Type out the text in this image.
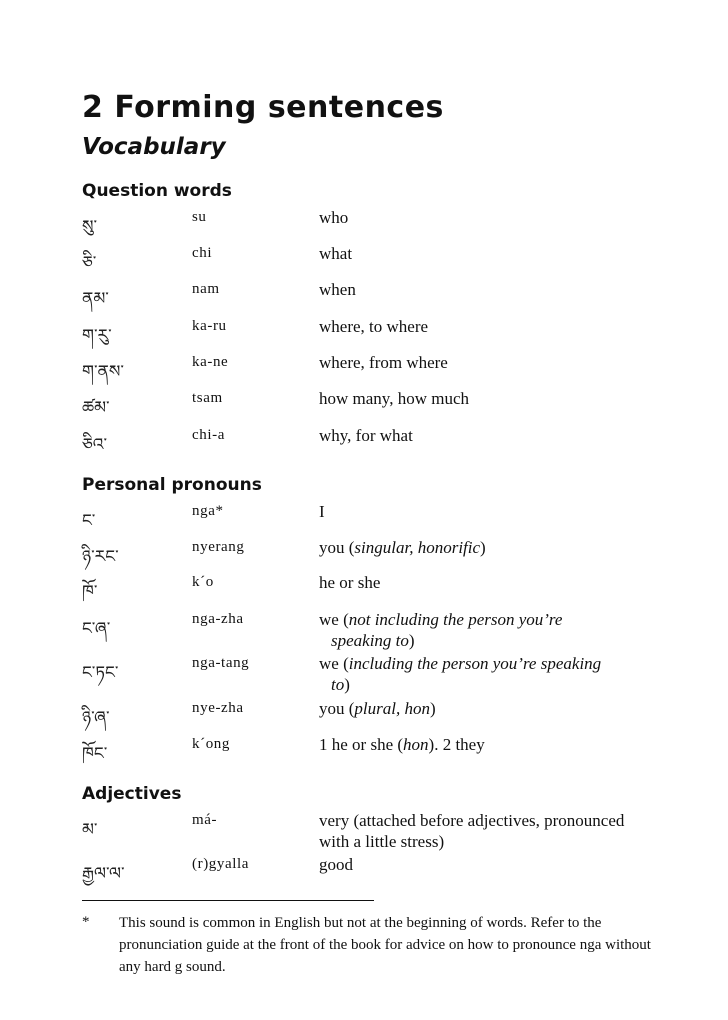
2 Forming sentences
Vocabulary
Question words
སུ་	su	who
ཅི་	chi	what
ནམ་	nam	when
ག་རུ་	ka-ru	where, to where
ག་ནས་	ka-ne	where, from where
ཚམ་	tsam	how many, how much
ཅིའ་	chi-a	why, for what
Personal pronouns
ང་	nga*	I
ཉི་རང་	nyerang	you (singular, honorific)
ཁོ་	k´o	he or she
ང་ཞ་	nga-zha	we (not including the person you’re
speaking to)
ང་ཏང་	nga-tang	we (including the person you’re speaking
to)
ཉི་ཞ་	nye-zha	you (plural, hon)
ཁོང་	k´ong	1 he or she (hon). 2 they
Adjectives
མ་	má-	very (attached before adjectives, pronounced
with a little stress)
རྒྱལ་ལ་	(r)gyalla	good
* This sound is common in English but not at the beginning of words. Refer to the pronunciation guide at the front of the book for advice on how to pronounce nga without any hard g sound.
